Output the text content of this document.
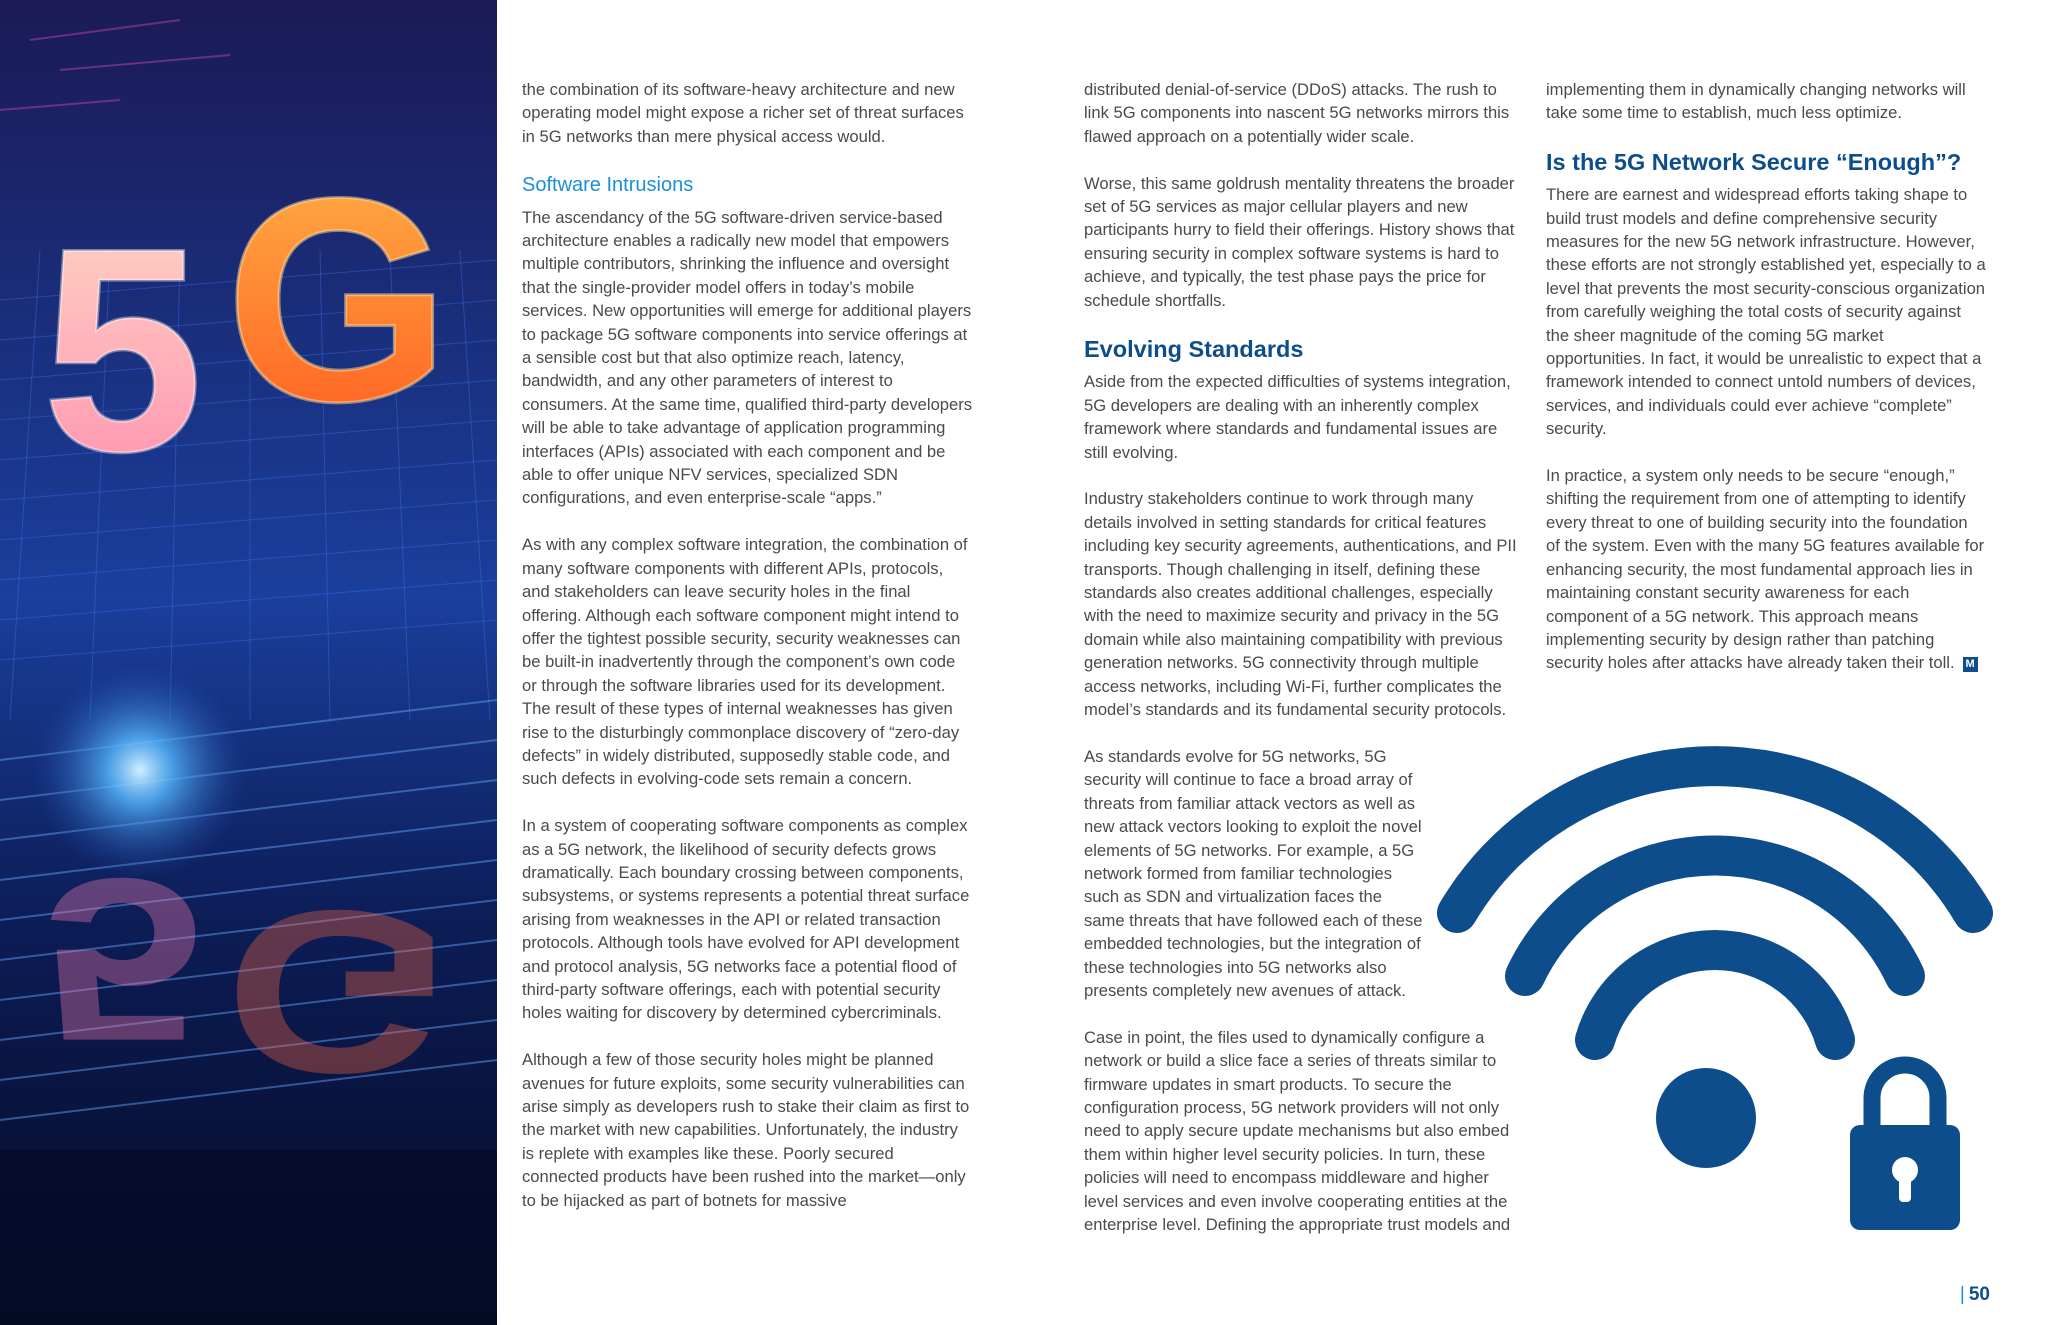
5 G
5 G

the combination of its software-heavy architecture and new operating model might expose a richer set of threat surfaces in 5G networks than mere physical access would.

Software Intrusions

The ascendancy of the 5G software-driven service-based architecture enables a radically new model that empowers multiple contributors, shrinking the influence and oversight that the single-provider model offers in today’s mobile services. New opportunities will emerge for additional players to package 5G software components into service offerings at a sensible cost but that also optimize reach, latency, bandwidth, and any other parameters of interest to consumers. At the same time, qualified third-party developers will be able to take advantage of application programming interfaces (APIs) associated with each component and be able to offer unique NFV services, specialized SDN configurations, and even enterprise-scale “apps.”

As with any complex software integration, the combination of many software components with different APIs, protocols, and stakeholders can leave security holes in the final offering. Although each software component might intend to offer the tightest possible security, security weaknesses can be built-in inadvertently through the component’s own code or through the software libraries used for its development. The result of these types of internal weaknesses has given rise to the disturbingly commonplace discovery of “zero-day defects” in widely distributed, supposedly stable code, and such defects in evolving-code sets remain a concern.

In a system of cooperating software components as complex as a 5G network, the likelihood of security defects grows dramatically. Each boundary crossing between components, subsystems, or systems represents a potential threat surface arising from weaknesses in the API or related transaction protocols. Although tools have evolved for API development and protocol analysis, 5G networks face a potential flood of third-party software offerings, each with potential security holes waiting for discovery by determined cybercriminals.

Although a few of those security holes might be planned avenues for future exploits, some security vulnerabilities can arise simply as developers rush to stake their claim as first to the market with new capabilities. Unfortunately, the industry is replete with examples like these. Poorly secured connected products have been rushed into the market—only to be hijacked as part of botnets for massive

distributed denial-of-service (DDoS) attacks. The rush to link 5G components into nascent 5G networks mirrors this flawed approach on a potentially wider scale.

Worse, this same goldrush mentality threatens the broader set of 5G services as major cellular players and new participants hurry to field their offerings. History shows that ensuring security in complex software systems is hard to achieve, and typically, the test phase pays the price for schedule shortfalls.

Evolving Standards

Aside from the expected difficulties of systems integration, 5G developers are dealing with an inherently complex framework where standards and fundamental issues are still evolving.

Industry stakeholders continue to work through many details involved in setting standards for critical features including key security agreements, authentications, and PII transports. Though challenging in itself, defining these standards also creates additional challenges, especially with the need to maximize security and privacy in the 5G domain while also maintaining compatibility with previous generation networks. 5G connectivity through multiple access networks, including Wi-Fi, further complicates the model’s standards and its fundamental security protocols.

As standards evolve for 5G networks, 5G security will continue to face a broad array of threats from familiar attack vectors as well as new attack vectors looking to exploit the novel elements of 5G networks. For example, a 5G network formed from familiar technologies such as SDN and virtualization faces the same threats that have followed each of these embedded technologies, but the integration of these technologies into 5G networks also presents completely new avenues of attack.

Case in point, the files used to dynamically configure a network or build a slice face a series of threats similar to firmware updates in smart products. To secure the configuration process, 5G network providers will not only need to apply secure update mechanisms but also embed them within higher level security policies. In turn, these policies will need to encompass middleware and higher level services and even involve cooperating entities at the enterprise level. Defining the appropriate trust models and

implementing them in dynamically changing networks will take some time to establish, much less optimize.

Is the 5G Network Secure “Enough”?

There are earnest and widespread efforts taking shape to build trust models and define comprehensive security measures for the new 5G network infrastructure. However, these efforts are not strongly established yet, especially to a level that prevents the most security-conscious organization from carefully weighing the total costs of security against the sheer magnitude of the coming 5G market opportunities. In fact, it would be unrealistic to expect that a framework intended to connect untold numbers of devices, services, and individuals could ever achieve “complete” security.

In practice, a system only needs to be secure “enough,” shifting the requirement from one of attempting to identify every threat to one of building security into the foundation of the system. Even with the many 5G features available for enhancing security, the most fundamental approach lies in maintaining constant security awareness for each component of a 5G network. This approach means implementing security by design rather than patching security holes after attacks have already taken their toll. M

| 50
